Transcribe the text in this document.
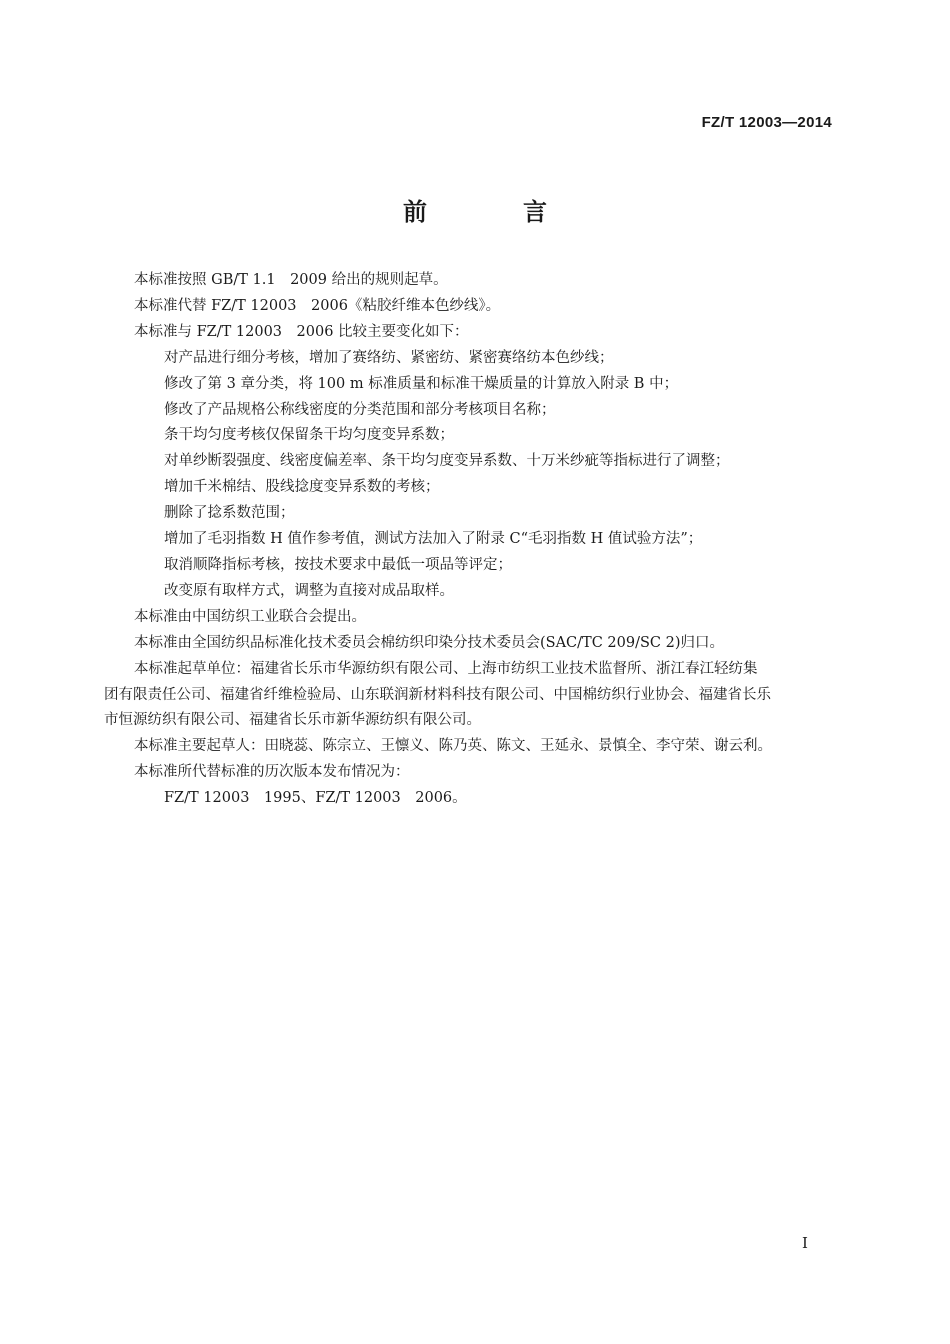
FZ/T 12003—2014
前　言

本标准按照 GB/T 1.1　2009 给出的规则起草。

本标准代替 FZ/T 12003　2006《粘胶纤维本色纱线》。

本标准与 FZ/T 12003　2006 比较主要变化如下：

对产品进行细分考核，增加了赛络纺、紧密纺、紧密赛络纺本色纱线；

修改了第 3 章分类，将 100 m 标准质量和标准干燥质量的计算放入附录 B 中；

修改了产品规格公称线密度的分类范围和部分考核项目名称；

条干均匀度考核仅保留条干均匀度变异系数；

对单纱断裂强度、线密度偏差率、条干均匀度变异系数、十万米纱疵等指标进行了调整；

增加千米棉结、股线捻度变异系数的考核；

删除了捻系数范围；

增加了毛羽指数 H 值作参考值，测试方法加入了附录 C“毛羽指数 H 值试验方法”；

取消顺降指标考核，按技术要求中最低一项品等评定；

改变原有取样方式，调整为直接对成品取样。

本标准由中国纺织工业联合会提出。

本标准由全国纺织品标准化技术委员会棉纺织印染分技术委员会(SAC/TC 209/SC 2)归口。

本标准起草单位：福建省长乐市华源纺织有限公司、上海市纺织工业技术监督所、浙江春江轻纺集

团有限责任公司、福建省纤维检验局、山东联润新材料科技有限公司、中国棉纺织行业协会、福建省长乐

市恒源纺织有限公司、福建省长乐市新华源纺织有限公司。

本标准主要起草人：田晓蕊、陈宗立、王懔义、陈乃英、陈文、王延永、景慎全、李守荣、谢云利。

本标准所代替标准的历次版本发布情况为：

FZ/T 12003　1995、FZ/T 12003　2006。

I
